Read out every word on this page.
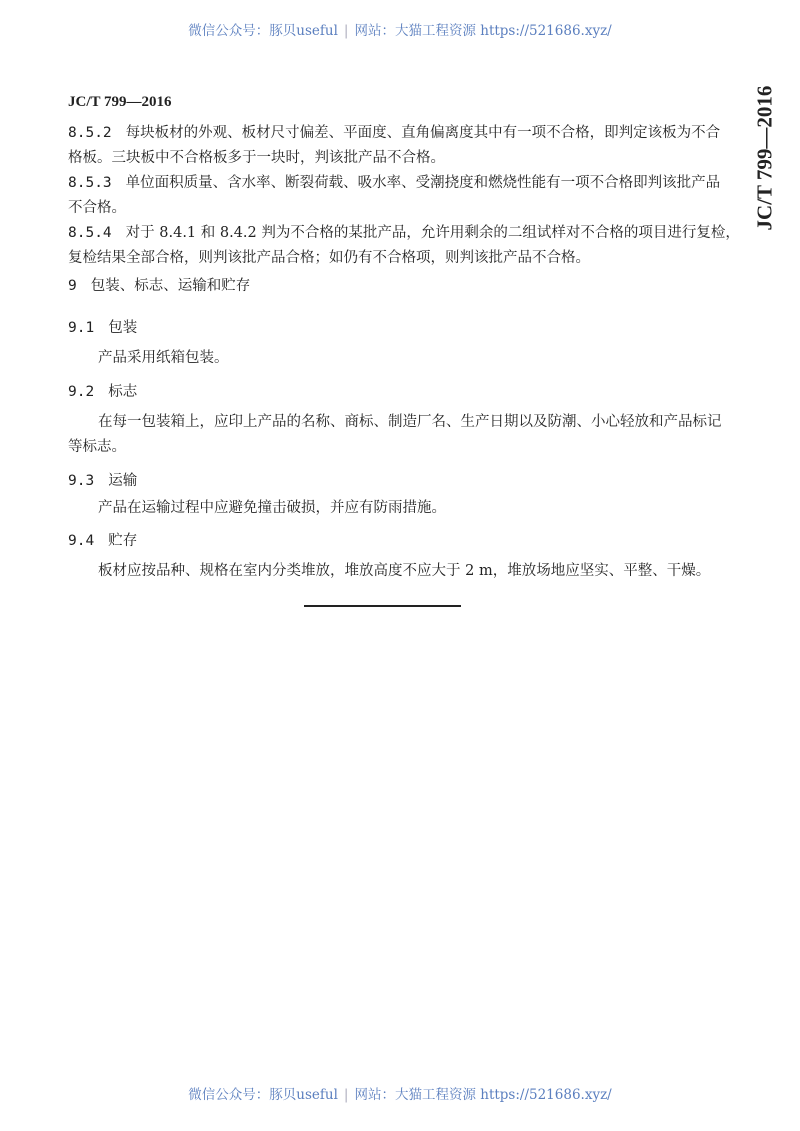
微信公众号：豚贝useful | 网站：大猫工程资源 https://521686.xyz/
JC/T 799—2016	JC/T 799—2016
8.5.2 每块板材的外观、板材尺寸偏差、平面度、直角偏离度其中有一项不合格，即判定该板为不合
格板。三块板中不合格板多于一块时，判该批产品不合格。
8.5.3 单位面积质量、含水率、断裂荷载、吸水率、受潮挠度和燃烧性能有一项不合格即判该批产品
不合格。
8.5.4 对于 8.4.1 和 8.4.2 判为不合格的某批产品，允许用剩余的二组试样对不合格的项目进行复检，
复检结果全部合格，则判该批产品合格；如仍有不合格项，则判该批产品不合格。
9 包装、标志、运输和贮存
9.1 包装
产品采用纸箱包装。
9.2 标志
在每一包装箱上，应印上产品的名称、商标、制造厂名、生产日期以及防潮、小心轻放和产品标记
等标志。
9.3 运输
产品在运输过程中应避免撞击破损，并应有防雨措施。
9.4 贮存
板材应按品种、规格在室内分类堆放，堆放高度不应大于 2 m，堆放场地应坚实、平整、干燥。
微信公众号：豚贝useful | 网站：大猫工程资源 https://521686.xyz/
